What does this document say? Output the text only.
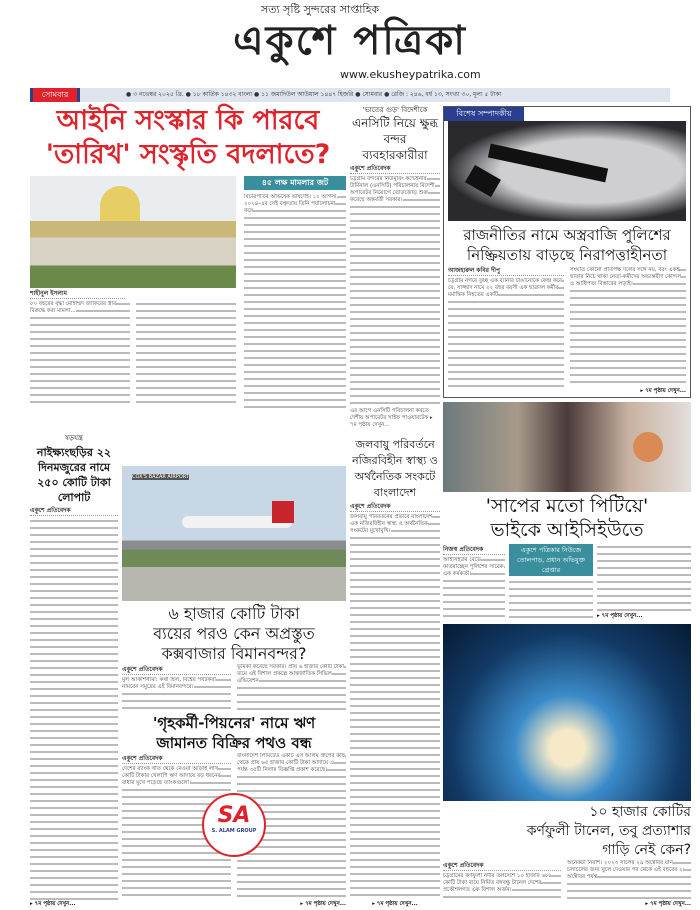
সত্য সৃষ্টি সুন্দরের সাপ্তাহিক
একুশে পত্রিকা
www.ekusheypatrika.com
● ৩ নভেম্বর ২০২৫ খ্রি. ● ১৮ কার্তিক ১৪৩২ বাংলা ● ১১ জমাদিউল আউয়াল ১৪৪৭ হিজরি ● সোমবার ● রেজি : ২৪৬, বর্ষ ১৩, সংখ্যা ৩০, মূল্য ৫ টাকা
সোমবার
আইনি সংস্কার কি পারবে
'তারিখ' সংস্কৃতি বদলাতে?
শাহীনুল ইসলাম
৮০ বছরের বৃদ্ধা মোহাম্মদ জাকিরের স্ত্রীর বিরুদ্ধে করা মামলা...
৪৫ লক্ষ মামলার জট
বিচারপতির অভিষেক ভাষণেই। ১২ আগস্ট, ২০২৪-এর সেই বক্তৃতায় তিনি পর্যালোচনা করে
ষড়যন্ত্র
নাইক্ষ্যংছড়ির ২২ দিনমজুরের নামে ২৫০ কোটি টাকা লোপাট
একুশে প্রতিবেদক
▸ ৭ম পৃষ্ঠায় দেখুন...
COX'S BAZAR AIRPORT
৬ হাজার কোটি টাকা
ব্যয়ের পরও কেন অপ্রস্তুত
কক্সবাজার বিমানবন্দর?
একুশে প্রতিবেদক
মুল আকাশসীমা: কথা ছিল, বিশ্বের পর্যটকরা নামবেন সমুদ্রের এই বিমানবন্দরে।
ভূমিকা করেছে সরকার। প্রায় ৬ হাজার কোটি টাকা ব্যয়ে এই বিশাল প্রকল্পে আন্তর্জাতিক সিভিল এভিয়েশন
'গৃহকর্মী-পিয়নের' নামে ঋণ
জামানত বিক্রির পথও বন্ধ
একুশে প্রতিবেদক
দেশের ব্যাংক খাত থেকে নেওয়া আড়াই লাখ কোটি টাকার খেলাপি ঋণ আদায়ে বড় ধরনের বাধার মুখে পড়েছে ব্যাংকগুলো।
বাংলাদেশ লিমিটেড একটি এস আলম গ্রুপের কাছ থেকে প্রায় ৬৫ হাজার কোটি টাকা আদায়ে এ পর্যন্ত ৩৫টি নিলাম বিজ্ঞপ্তি প্রকাশ করেছে।
SA
S. ALAM GROUP
▸ ৭ম পৃষ্ঠায় দেখুন...
'ভাতের গুড়' বিদেশীকে
এনসিটি নিয়ে ক্ষুব্ধ বন্দর ব্যবহারকারীরা
একুশে প্রতিবেদক
চট্টগ্রাম বন্দরের নিউমুরিং কন্টেইনার টার্মিনাল (এনসিটি) পরিচালনায় বিদেশী অপারেটর নিয়োগে তোড়জোড় শুরু করেছে অন্তর্বর্তী সরকার।
এর আগে এনসিটি পরিচালনা করতে দেশীয় অপারেটর সাইফ পাওয়ারটেক ▸ ৭ম পৃষ্ঠায় দেখুন...
জলবায়ু পরিবর্তনে নজিরবিহীন স্বাস্থ্য ও অর্থনৈতিক সংকটে বাংলাদেশ
একুশে প্রতিবেদক
জলবায়ু পরিবর্তনের প্রভাবে বাংলাদেশ এক নজিরবিহীন স্বাস্থ্য ও অর্থনৈতিক সংকটের মুখোমুখি।
▸ ৭ম পৃষ্ঠায় দেখুন...
বিশেষ সম্পাদকীয়
রাজনীতির নামে অস্ত্রবাজি পুলিশের নিষ্ক্রিয়তায় বাড়ছে নিরাপত্তাহীনতা
আজহারুল কবির দীপু
চট্টগ্রাম নগরে তুচ্ছ এক ব্যানার টাঙানোকে কেন্দ্র করে যে, সাজ্জাদ নামে ২২ বছর বয়সী এক ছাত্রদল কর্মীর মর্মান্তিক নিহতের একটি
সংঘাত কোনো প্রতিপক্ষ দলের সঙ্গে নয়, বরং একই ছাতার নিচে থাকা নেতা-কর্মীদের অভ্যন্তরীণ কোন্দল ও আধিপত্য বিস্তারের লড়াই।
▸ ৭ম পৃষ্ঠায় দেখুন...
'সাপের মতো পিটিয়ে'
ভাইকে আইসিইউতে
নিজস্ব প্রতিবেদক
আইসিইউর বেডে কাতরাচ্ছেন পুলিশের সাবেক এক কর্মকর্তা।
একুশে পত্রিকার নিউজে তোলপাড়, প্রধান অভিযুক্ত গ্রেপ্তার
▸ ৭ম পৃষ্ঠায় দেখুন...
১০ হাজার কোটির
কর্ণফুলী টানেল, তবু প্রত্যাশার
গাড়ি নেই কেন?
একুশে প্রতিবেদক
চট্টগ্রামের কর্ণফুলী নদীর তলদেশে ১০ হাজার ৬৮৯ কোটি টাকা ব্যয়ে নির্মিত বঙ্গবন্ধু টানেল দেশের প্রকৌশলগত এক বিশাল অর্জন।
অনেকটা নিরাশ। ২০২৩ সালের ২৯ অক্টোবর যান চলাচলের জন্য খুলে দেওয়ার পর থেকে এই বছরের ২৯ অক্টোবর পর্যন্ত
▸ ৭ম পৃষ্ঠায় দেখুন...
